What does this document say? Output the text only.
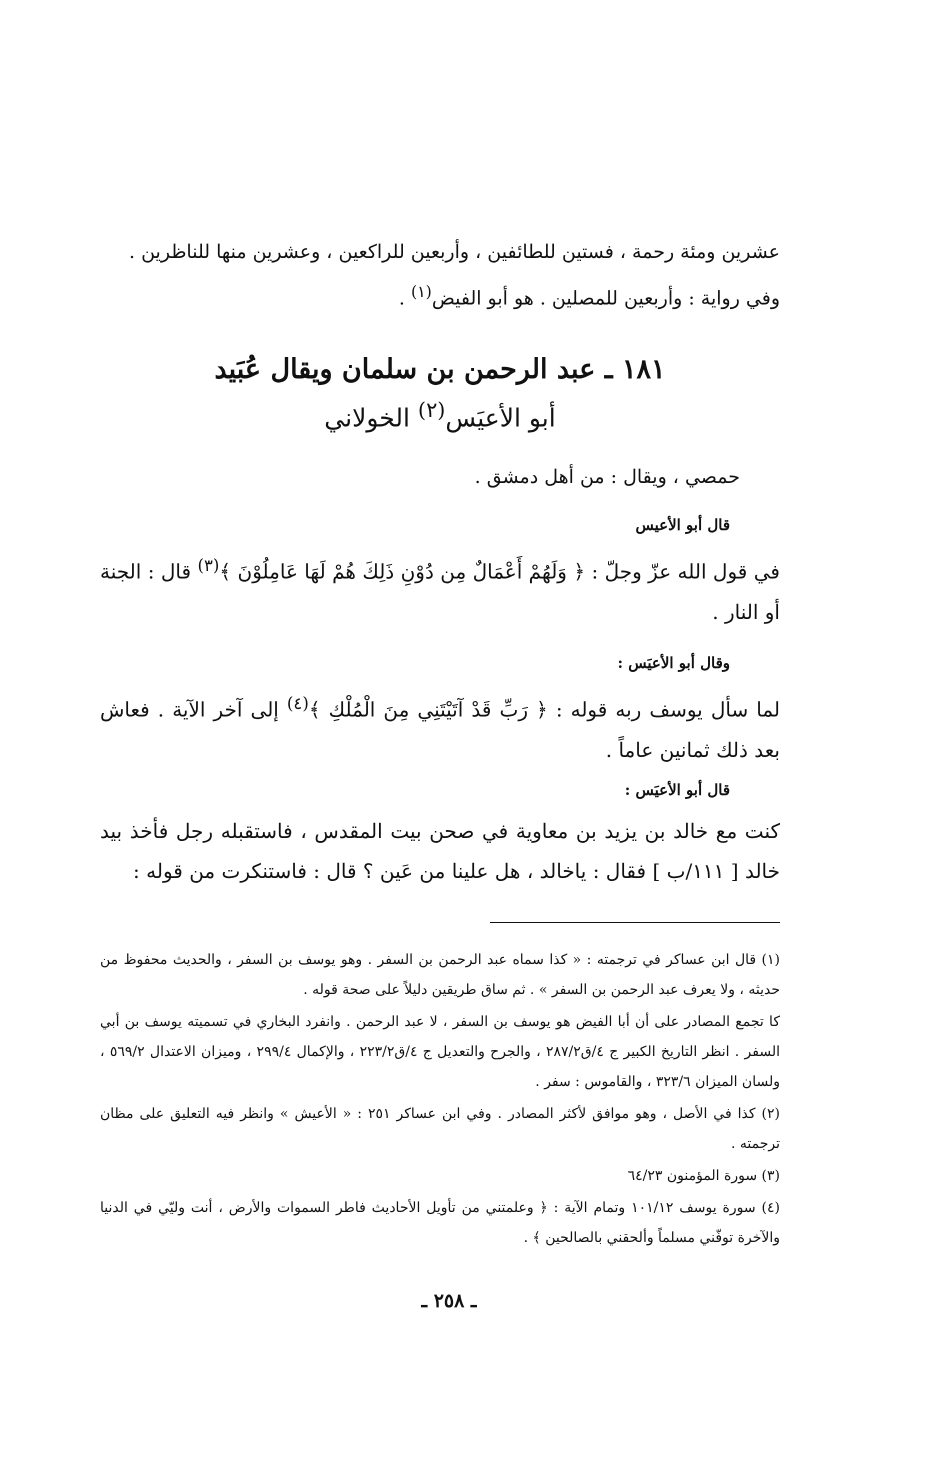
عشرين ومئة رحمة ، فستين للطائفين ، وأربعين للراكعين ، وعشرين منها للناظرين .

وفي رواية : وأربعين للمصلين . هو أبو الفيض$^{(١)}$ .

١٨١ ـ عبد الرحمن بن سلمان ويقال عُبَيد

أبو الأعيَس$^{(٢)}$ الخولاني

حمصي ، ويقال : من أهل دمشق .

قال أبو الأعيس

في قول الله عزّ وجلّ : ﴿ وَلَهُمْ أَعْمَالٌ مِن دُوْنِ ذَلِكَ هُمْ لَهَا عَامِلُوْنَ ﴾$^{(٣)}$ قال : الجنة أو النار .

وقال أبو الأعيَس :

لما سأل يوسف ربه قوله : ﴿ رَبِّ قَدْ آتَيْتَنِي مِنَ الْمُلْكِ ﴾$^{(٤)}$ إلى آخر الآية . فعاش بعد ذلك ثمانين عاماً .

قال أبو الأعيَس :

كنت مع خالد بن يزيد بن معاوية في صحن بيت المقدس ، فاستقبله رجل فأخذ بيد خالد [ ١١١/ب ] فقال : ياخالد ، هل علينا من عَين ؟ قال : فاستنكرت من قوله :

(١) قال ابن عساكر في ترجمته : « كذا سماه عبد الرحمن بن السفر . وهو يوسف بن السفر ، والحديث محفوظ من حديثه ، ولا يعرف عبد الرحمن بن السفر » . ثم ساق طريقين دليلاً على صحة قوله .

كا تجمع المصادر على أن أبا الفيض هو يوسف بن السفر ، لا عبد الرحمن . وانفرد البخاري في تسميته يوسف بن أبي السفر . انظر التاريخ الكبير ج ٤/ق٢٨٧/٢ ، والجرح والتعديل ج ٤/ق٢٢٣/٢ ، والإكمال ٢٩٩/٤ ، وميزان الاعتدال ٥٦٩/٢ ، ولسان الميزان ٣٢٣/٦ ، والقاموس : سفر .

(٢) كذا في الأصل ، وهو موافق لأكثر المصادر . وفي ابن عساكر ٢٥١ : « الأعيش » وانظر فيه التعليق على مظان ترجمته .

(٣) سورة المؤمنون ٦٤/٢٣

(٤) سورة يوسف ١٠١/١٢ وتمام الآية : ﴿ وعلمتني من تأويل الأحاديث فاطر السموات والأرض ، أنت وليّي في الدنيا والآخرة توفّني مسلماً وألحقني بالصالحين ﴾ .

ـ ٢٥٨ ـ
